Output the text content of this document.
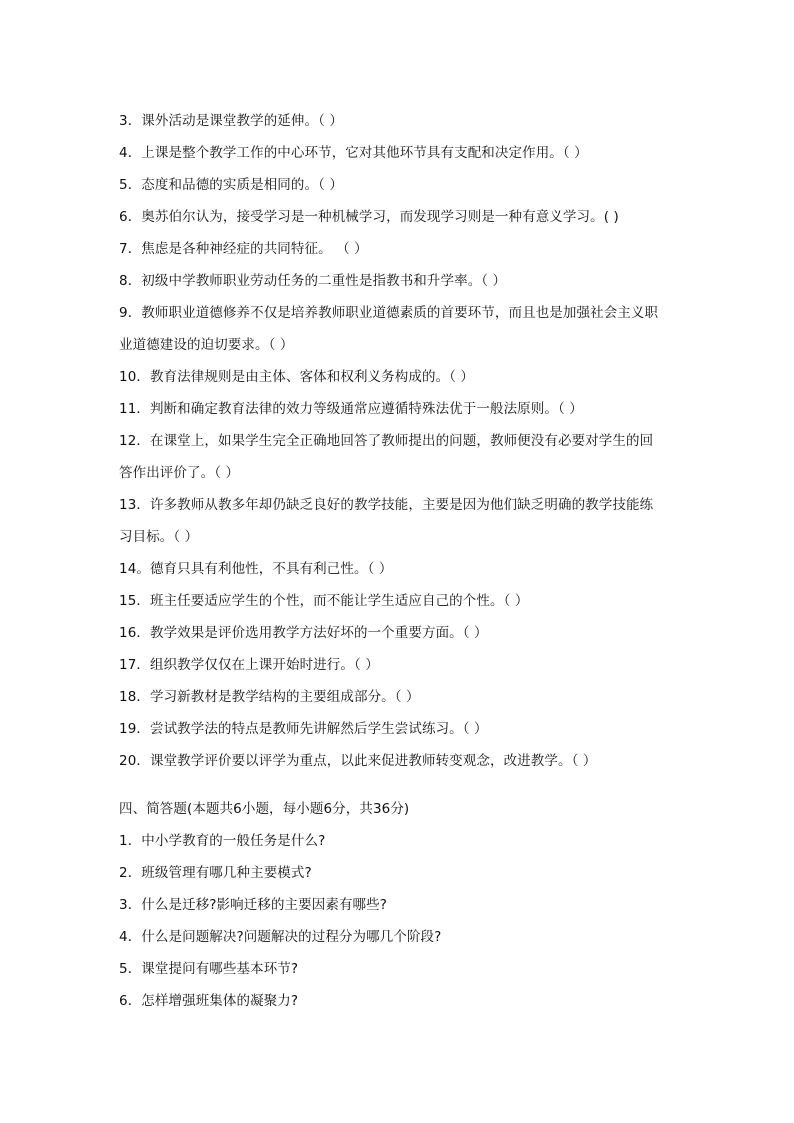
3．课外活动是课堂教学的延伸。（ ）
4．上课是整个教学工作的中心环节，它对其他环节具有支配和决定作用。（ ）
5．态度和品德的实质是相同的。（ ）
6．奥苏伯尔认为，接受学习是一种机械学习，而发现学习则是一种有意义学习。( )
7．焦虑是各种神经症的共同特征。 （ ）
8．初级中学教师职业劳动任务的二重性是指教书和升学率。（ ）
9．教师职业道德修养不仅是培养教师职业道德素质的首要环节，而且也是加强社会主义职
业道德建设的迫切要求。（ ）
10．教育法律规则是由主体、客体和权利义务构成的。（ ）
11．判断和确定教育法律的效力等级通常应遵循特殊法优于一般法原则。（ ）
12．在课堂上，如果学生完全正确地回答了教师提出的问题，教师便没有必要对学生的回
答作出评价了。（ ）
13．许多教师从教多年却仍缺乏良好的教学技能，主要是因为他们缺乏明确的教学技能练
习目标。（ ）
14。德育只具有利他性，不具有利己性。（ ）
15．班主任要适应学生的个性，而不能让学生适应自己的个性。（ ）
16．教学效果是评价选用教学方法好坏的一个重要方面。（ ）
17．组织教学仅仅在上课开始时进行。（ ）
18．学习新教材是教学结构的主要组成部分。（ ）
19．尝试教学法的特点是教师先讲解然后学生尝试练习。（ ）
20．课堂教学评价要以评学为重点，以此来促进教师转变观念，改进教学。（ ）
四、简答题(本题共6小题，每小题6分，共36分)
1．中小学教育的一般任务是什么?
2．班级管理有哪几种主要模式?
3．什么是迁移?影响迁移的主要因素有哪些?
4．什么是问题解决?问题解决的过程分为哪几个阶段?
5．课堂提问有哪些基本环节?
6．怎样增强班集体的凝聚力?
